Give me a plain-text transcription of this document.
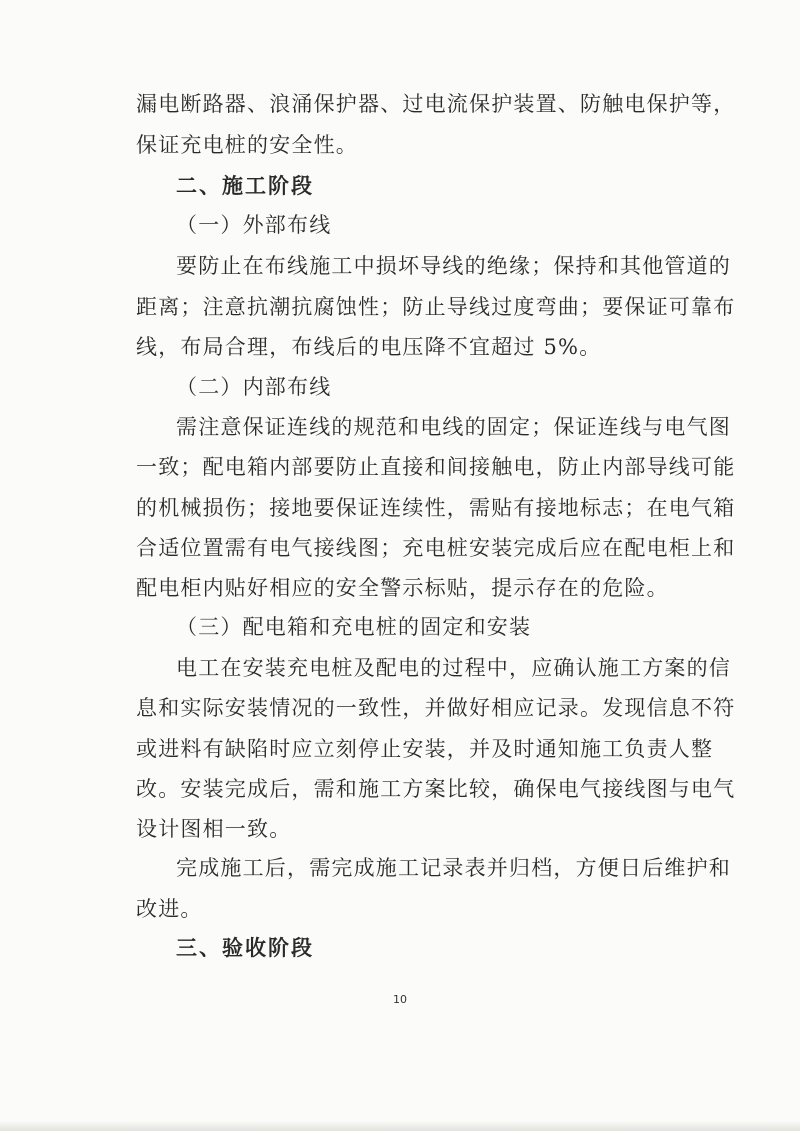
漏电断路器、浪涌保护器、过电流保护装置、防触电保护等，
保证充电桩的安全性。
二、施工阶段
（一）外部布线
要防止在布线施工中损坏导线的绝缘；保持和其他管道的
距离；注意抗潮抗腐蚀性；防止导线过度弯曲；要保证可靠布
线，布局合理，布线后的电压降不宜超过 5%。
（二）内部布线
需注意保证连线的规范和电线的固定；保证连线与电气图
一致；配电箱内部要防止直接和间接触电，防止内部导线可能
的机械损伤；接地要保证连续性，需贴有接地标志；在电气箱
合适位置需有电气接线图；充电桩安装完成后应在配电柜上和
配电柜内贴好相应的安全警示标贴，提示存在的危险。
（三）配电箱和充电桩的固定和安装
电工在安装充电桩及配电的过程中，应确认施工方案的信
息和实际安装情况的一致性，并做好相应记录。发现信息不符
或进料有缺陷时应立刻停止安装，并及时通知施工负责人整
改。安装完成后，需和施工方案比较，确保电气接线图与电气
设计图相一致。
完成施工后，需完成施工记录表并归档，方便日后维护和
改进。
三、验收阶段
10
